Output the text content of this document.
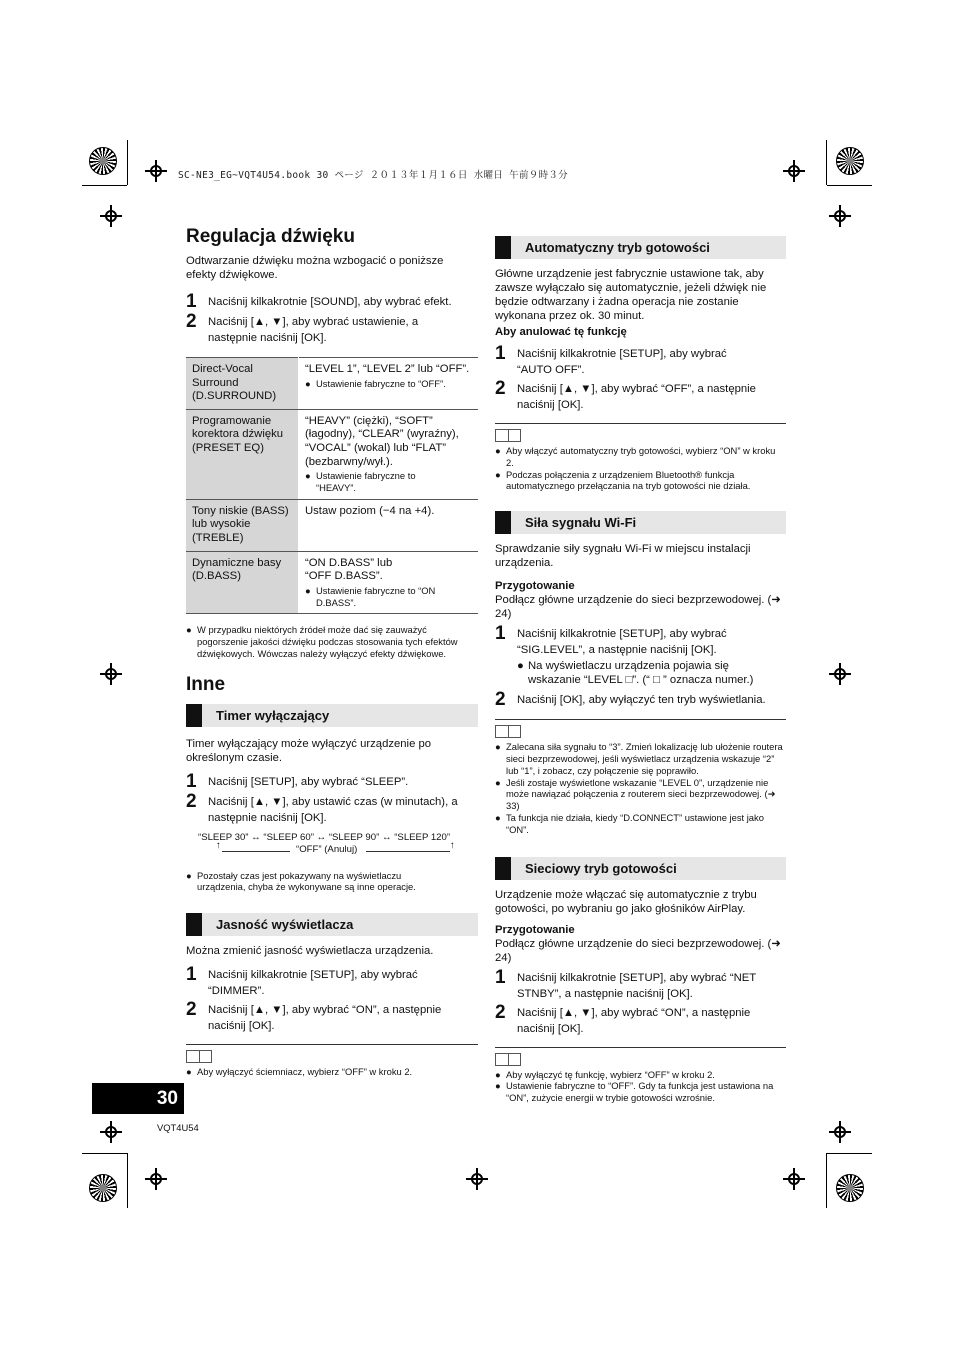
SC-NE3_EG~VQT4U54.book 30 ページ ２０１３年１月１６日 水曜日 午前９時３分
Regulacja dźwięku
Odtwarzanie dźwięku można wzbogacić o poniższe efekty dźwiękowe.
1	Naciśnij kilkakrotnie [SOUND], aby wybrać efekt.
2	Naciśnij [▲, ▼], aby wybrać ustawienie, a następnie naciśnij [OK].
Direct-Vocal Surround (D.SURROUND)	“LEVEL 1”, “LEVEL 2” lub “OFF”.
● Ustawienie fabryczne to “OFF”.

Programowanie korektora dźwięku (PRESET EQ)	“HEAVY” (ciężki), “SOFT” (łagodny), “CLEAR” (wyraźny), “VOCAL” (wokal) lub “FLAT” (bezbarwny/wył.).
● Ustawienie fabryczne to “HEAVY”.

Tony niskie (BASS) lub wysokie (TREBLE)	Ustaw poziom (−4 na +4).
Dynamiczne basy (D.BASS)	“ON D.BASS” lub “OFF D.BASS”.
● Ustawienie fabryczne to “ON D.BASS”.
● W przypadku niektórych źródeł może dać się zauważyć pogorszenie jakości dźwięku podczas stosowania tych efektów dźwiękowych. Wówczas należy wyłączyć efekty dźwiękowe.
Inne
Timer wyłączający
Timer wyłączający może wyłączyć urządzenie po określonym czasie.
1	Naciśnij [SETUP], aby wybrać “SLEEP”.
2	Naciśnij [▲, ▼], aby ustawić czas (w minutach), a następnie naciśnij [OK].
“SLEEP 30” ↔ “SLEEP 60” ↔ “SLEEP 90” ↔ “SLEEP 120”
↑	“OFF” (Anuluj)	↑
● Pozostały czas jest pokazywany na wyświetlaczu urządzenia, chyba że wykonywane są inne operacje.
Jasność wyświetlacza
Można zmienić jasność wyświetlacza urządzenia.
1	Naciśnij kilkakrotnie [SETUP], aby wybrać “DIMMER”.
2	Naciśnij [▲, ▼], aby wybrać “ON”, a następnie naciśnij [OK].
● Aby wyłączyć ściemniacz, wybierz “OFF” w kroku 2.
30
VQT4U54
Automatyczny tryb gotowości
Główne urządzenie jest fabrycznie ustawione tak, aby zawsze wyłączało się automatycznie, jeżeli dźwięk nie będzie odtwarzany i żadna operacja nie zostanie wykonana przez ok. 30 minut.
Aby anulować tę funkcję
1	Naciśnij kilkakrotnie [SETUP], aby wybrać “AUTO OFF”.
2	Naciśnij [▲, ▼], aby wybrać “OFF”, a następnie naciśnij [OK].
● Aby włączyć automatyczny tryb gotowości, wybierz “ON” w kroku 2.
● Podczas połączenia z urządzeniem Bluetooth® funkcja automatycznego przełączania na tryb gotowości nie działa.
Siła sygnału Wi-Fi
Sprawdzanie siły sygnału Wi-Fi w miejscu instalacji urządzenia.
Przygotowanie
Podłącz główne urządzenie do sieci bezprzewodowej. (➜ 24)
1	Naciśnij kilkakrotnie [SETUP], aby wybrać “SIG.LEVEL”, a następnie naciśnij [OK].
● Na wyświetlaczu urządzenia pojawia się wskazanie “LEVEL □”. (“ □ ” oznacza numer.)
2	Naciśnij [OK], aby wyłączyć ten tryb wyświetlania.
● Zalecana siła sygnału to “3”. Zmień lokalizację lub ułożenie routera sieci bezprzewodowej, jeśli wyświetlacz urządzenia wskazuje “2” lub “1”, i zobacz, czy połączenie się poprawiło.
● Jeśli zostaje wyświetlone wskazanie “LEVEL 0”, urządzenie nie może nawiązać połączenia z routerem sieci bezprzewodowej. (➜ 33)
● Ta funkcja nie działa, kiedy “D.CONNECT” ustawione jest jako “ON”.
Sieciowy tryb gotowości
Urządzenie może włączać się automatycznie z trybu gotowości, po wybraniu go jako głośników AirPlay.
Przygotowanie
Podłącz główne urządzenie do sieci bezprzewodowej. (➜ 24)
1	Naciśnij kilkakrotnie [SETUP], aby wybrać “NET STNBY”, a następnie naciśnij [OK].
2	Naciśnij [▲, ▼], aby wybrać “ON”, a następnie naciśnij [OK].
● Aby wyłączyć tę funkcję, wybierz “OFF” w kroku 2.
● Ustawienie fabryczne to “OFF”. Gdy ta funkcja jest ustawiona na “ON”, zużycie energii w trybie gotowości wzrośnie.
